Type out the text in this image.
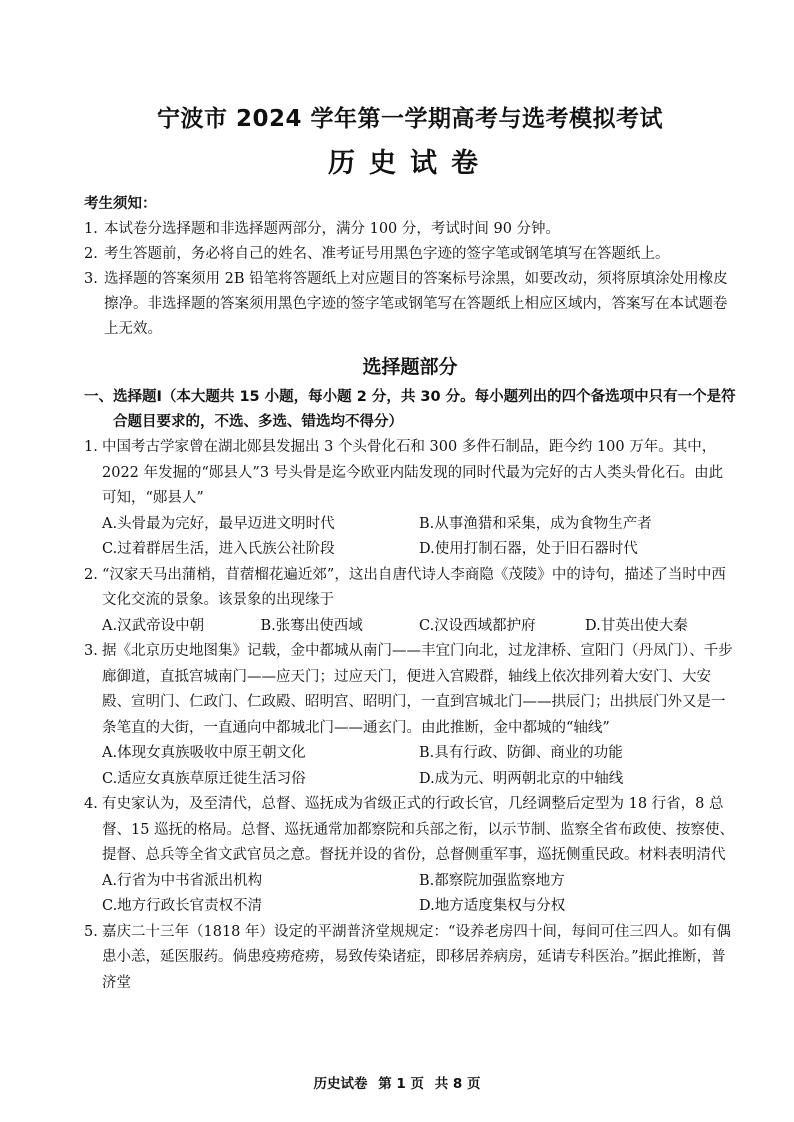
宁波市 2024 学年第一学期高考与选考模拟考试
历史试卷
考生须知：
1. 本试卷分选择题和非选择题两部分，满分 100 分，考试时间 90 分钟。
2. 考生答题前，务必将自己的姓名、准考证号用黑色字迹的签字笔或钢笔填写在答题纸上。
3. 选择题的答案须用 2B 铅笔将答题纸上对应题目的答案标号涂黑，如要改动，须将原填涂处用橡皮擦净。非选择题的答案须用黑色字迹的签字笔或钢笔写在答题纸上相应区域内，答案写在本试题卷上无效。
选择题部分
一、 选择题Ⅰ（本大题共 15 小题，每小题 2 分，共 30 分。每小题列出的四个备选项中只有一个是符合题目要求的，不选、多选、错选均不得分）
1. 中国考古学家曾在湖北郧县发掘出 3 个头骨化石和 300 多件石制品，距今约 100 万年。其中，2022 年发掘的“郧县人”3 号头骨是迄今欧亚内陆发现的同时代最为完好的古人类头骨化石。由此可知，“郧县人”
A.头骨最为完好，最早迈进文明时代	B.从事渔猎和采集，成为食物生产者
C.过着群居生活，进入氏族公社阶段	D.使用打制石器，处于旧石器时代
2. “汉家天马出蒲梢，苜蓿榴花遍近郊”，这出自唐代诗人李商隐《茂陵》中的诗句，描述了当时中西文化交流的景象。该景象的出现缘于
A.汉武帝设中朝	B.张骞出使西域	C.汉设西域都护府	D.甘英出使大秦
3. 据《北京历史地图集》记载，金中都城从南门——丰宜门向北，过龙津桥、宣阳门（丹凤门）、千步廊御道，直抵宫城南门——应天门；过应天门，便进入宫殿群，轴线上依次排列着大安门、大安殿、宣明门、仁政门、仁政殿、昭明宫、昭明门，一直到宫城北门——拱辰门；出拱辰门外又是一条笔直的大街，一直通向中都城北门——通玄门。由此推断，金中都城的“轴线”
A.体现女真族吸收中原王朝文化	B.具有行政、防御、商业的功能
C.适应女真族草原迁徙生活习俗	D.成为元、明两朝北京的中轴线
4. 有史家认为，及至清代，总督、巡抚成为省级正式的行政长官，几经调整后定型为 18 行省，8 总督、15 巡抚的格局。总督、巡抚通常加都察院和兵部之衔，以示节制、监察全省布政使、按察使、提督、总兵等全省文武官员之意。督抚并设的省份，总督侧重军事，巡抚侧重民政。材料表明清代
A.行省为中书省派出机构	B.都察院加强监察地方
C.地方行政长官责权不清	D.地方适度集权与分权
5. 嘉庆二十三年（1818 年）设定的平湖普济堂规规定：“设养老房四十间，每间可住三四人。如有偶患小恙，延医服药。倘患疫痨疮痨，易致传染诸症，即移居养病房，延请专科医治。”据此推断，普济堂
历史试卷 第 1 页 共 8 页
